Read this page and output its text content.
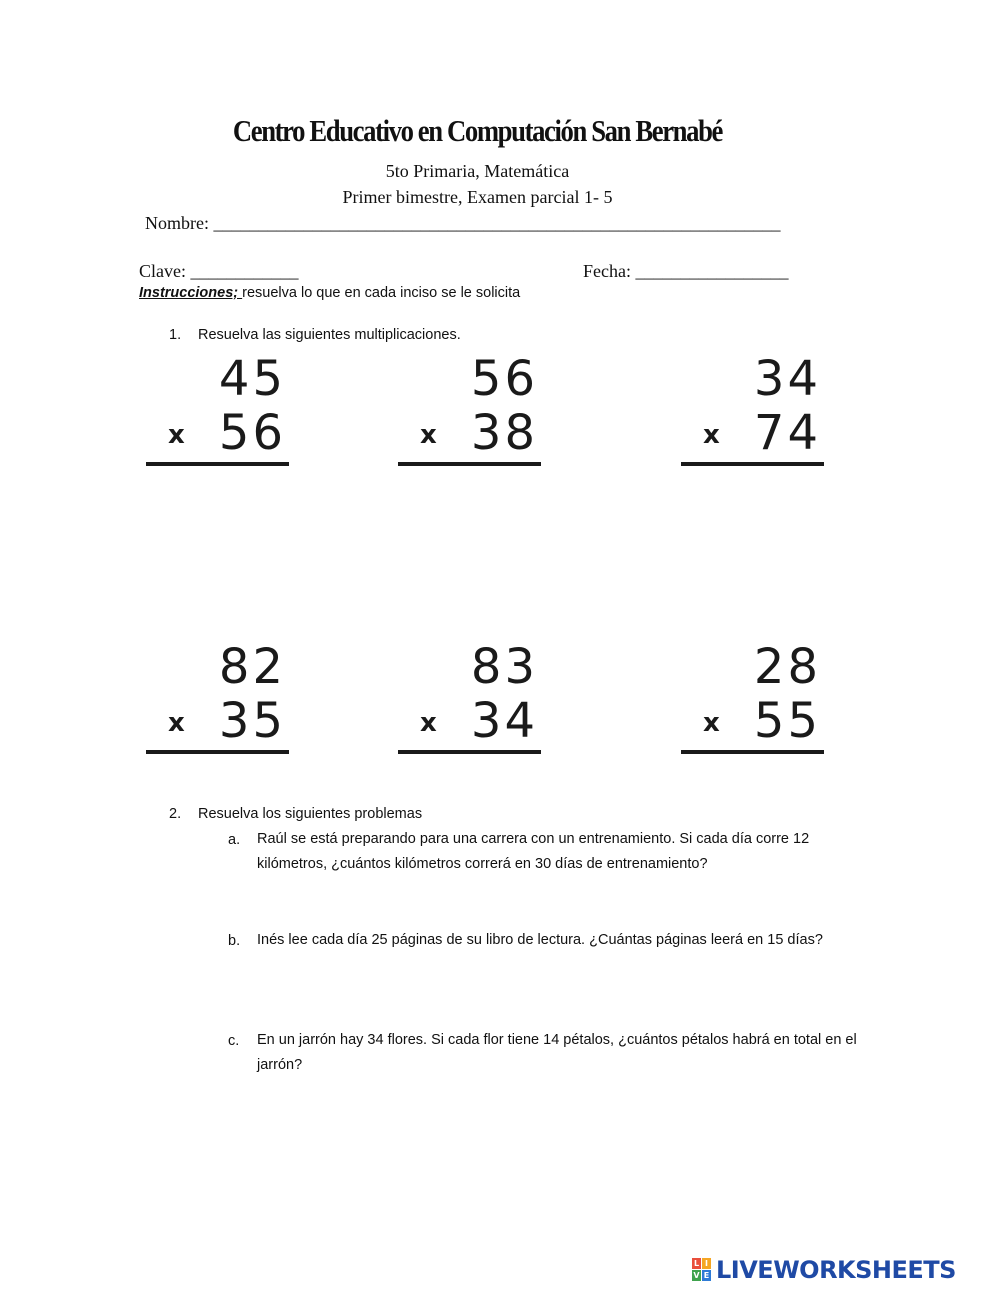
Centro Educativo en Computación San Bernabé
5to Primaria, Matemática
Primer bimestre, Examen parcial 1- 5
Nombre: _______________________________________________________________
Clave: ____________	Fecha: _________________
Instrucciones; resuelva lo que en cada inciso se le solicita
1. Resuelva las siguientes multiplicaciones.
45
x 56
56
x 38
34
x 74
82
x 35
83
x 34
28
x 55
2. Resuelva los siguientes problemas
a. Raúl se está preparando para una carrera con un entrenamiento. Si cada día corre 12 kilómetros, ¿cuántos kilómetros correrá en 30 días de entrenamiento?
b. Inés lee cada día 25 páginas de su libro de lectura. ¿Cuántas páginas leerá en 15 días?
c. En un jarrón hay 34 flores. Si cada flor tiene 14 pétalos, ¿cuántos pétalos habrá en total en el jarrón?
L I
V E LIVEWORKSHEETS
